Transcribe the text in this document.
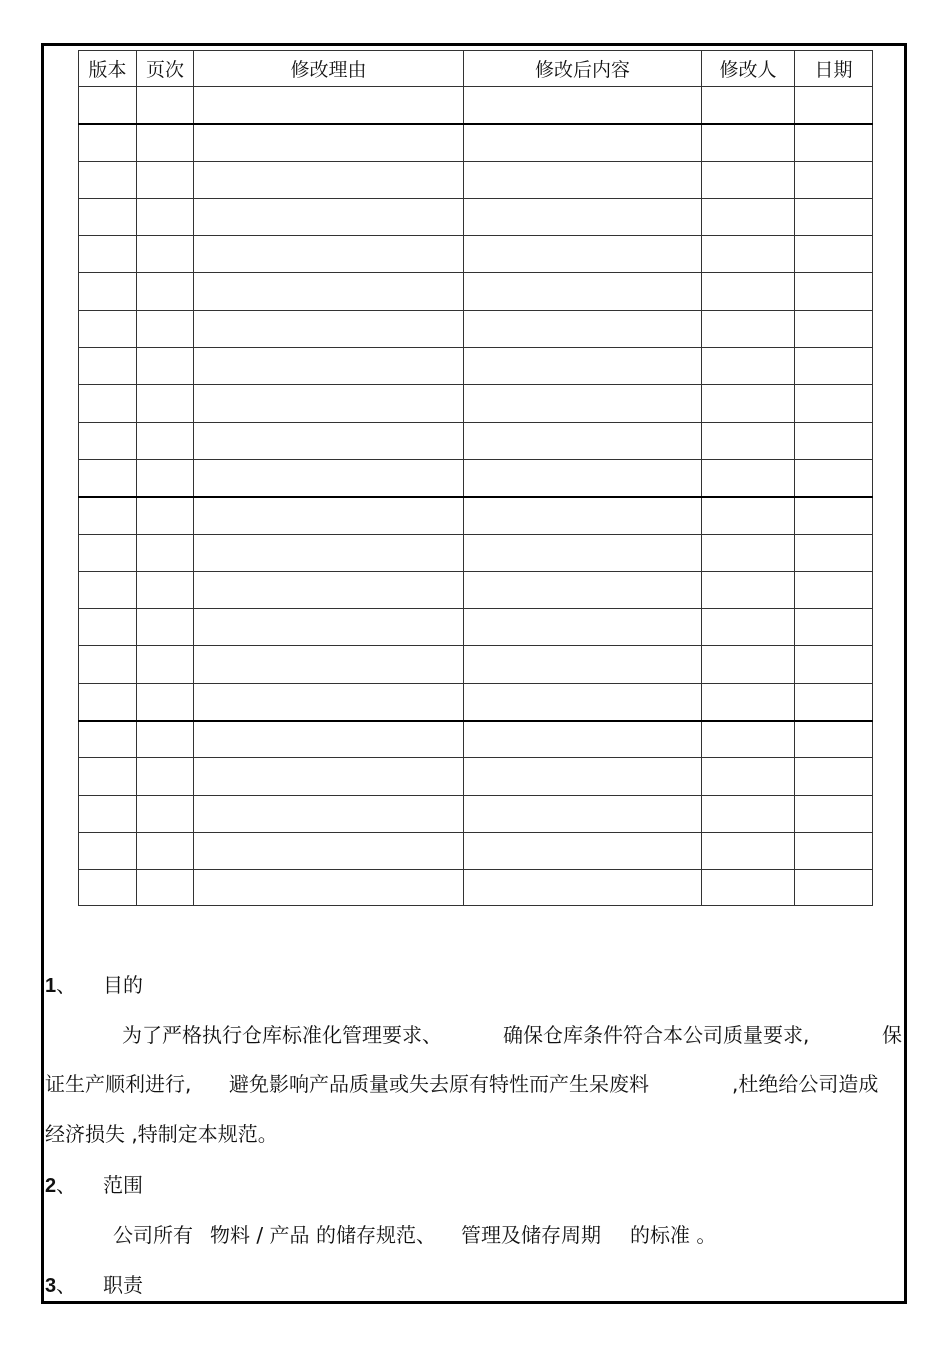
版本	页次	修改理由	修改后内容	修改人	日期

1、 目的
为了严格执行仓库标准化管理要求、	确保仓库条件符合本公司质量要求,	保
证生产顺利进行, 避免影响产品质量或失去原有特性而产生呆废料	,杜绝给公司造成
经济损失 ,特制定本规范。
2、 范围
公司所有 物料 / 产品 的储存规范、 管理及储存周期 的标准 。
3、 职责
